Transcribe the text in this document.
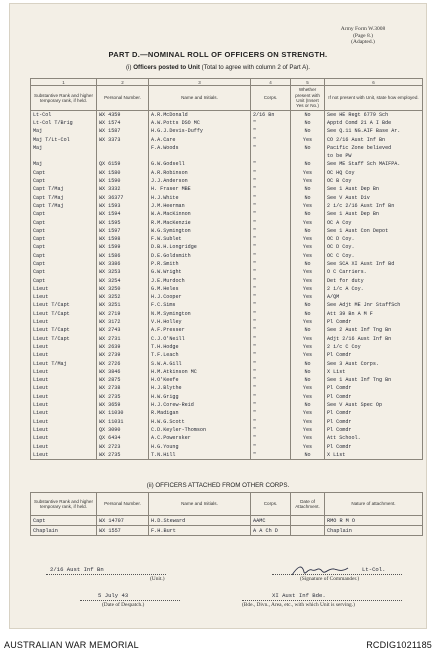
Army Form W.3008
(Page 8.)
(Adapted.)
PART D.—NOMINAL ROLL OF OFFICERS ON STRENGTH.
(i) Officers posted to Unit (Total to agree with column 2 of Part A).
1	2	3	4	5	6
Substantive Rank and higher temporary rank, if held.	Personal Number.	Name and Initials.	Corps.	Whether present with Unit (Insert Yes or No.)	If not present with Unit, state how employed.
Lt-Col	WX 4359	A.R.McDonald	2/16 Bn	No	See HE Regt 6779 Sch
Lt-Col T/Brig	WX 1574	A.W.Potts DSO MC	"	No	Apptd Comd 21 A I Bde
Maj	WX 1587	H.G.J.Devis-Duffy	"	No	See Q.11 NG.AIF Base Ar.
Maj T/Lt-Col	WX 3373	A.A.Care	"	Yes	CO 2/16 Aust Inf Bn
Maj		F.A.Woods	"	No	Pacific Zone believed
					to be PW
Maj	QX 6159	G.W.Godsell	"	No	See ME Staff Sch MAIFPA.
Capt	WX 1580	A.R.Robinson	"	Yes	OC HQ Coy
Capt	WX 1590	J.J.Anderson	"	Yes	OC B Coy
Capt T/Maj	WX 3332	H. Fraser MBE	"	No	See 1 Aust Dep Bn
Capt T/Maj	WX 36377	H.J.White	"	No	See V Aust Div
Capt T/Maj	WX 1593	J.M.Heerman	"	Yes	2 i/c 2/16 Aust Inf Bn
Capt	WX 1594	W.A.MacKinnon	"	No	See 1 Aust Dep Bn
Capt	WX 1595	R.M.MacKenzie	"	Yes	OC A Coy
Capt	WX 1597	W.G.Symington	"	No	See 1 Aust Con Depot
Capt	WX 1598	F.W.Sublet	"	Yes	OC D Coy.
Capt	WX 1599	D.B.H.Longridge	"	Yes	OC D Coy.
Capt	WX 1586	D.E.Goldsmith	"	Yes	OC C Coy.
Capt	WX 3386	P.R.Smith	"	No	See SCA XI Aust Inf Bd
Capt	WX 3253	G.W.Wright	"	Yes	O C Carriers.
Capt	WX 3254	J.E.Murdoch	"	Yes	Det for duty
Lieut	WX 3250	G.M.Heles	"	Yes	2 i/c A Coy.
Lieut	WX 3252	H.J.Cooper	"	Yes	A/QM
Lieut T/Capt	WX 3251	F.C.Sims	"	No	See Adjt ME Jnr StaffSch
Lieut T/Capt	WX 2719	N.M.Symington	"	No	Att 39 Bn A M F
Lieut	WX 3172	V.H.Holley	"	Yes	Pl Comdr
Lieut T/Capt	WX 2743	A.F.Presser	"	No	See 2 Aust Inf Tng Bn
Lieut T/Capt	WX 2731	C.J.O'Neill	"	Yes	Adjt 2/16 Aust Inf Bn
Lieut	WX 2639	T.H.Hodge	"	Yes	2 i/c C Coy
Lieut	WX 2739	T.F.Leach	"	Yes	Pl Comdr
Lieut T/Maj	WX 2726	S.W.A.Gill	"	No	See 3 Aust Corps.
Lieut	WX 3846	H.M.Atkinson MC	"	No	X List
Lieut	WX 2875	H.O'Keefe	"	No	See 1 Aust Inf Tng Bn
Lieut	WX 2738	H.J.Blythe	"	Yes	Pl Comdr
Lieut	WX 2735	H.W.Grigg	"	Yes	Pl Comdr
Lieut	WX 3659	H.J.Corew-Reid	"	No	See V Aust Spec Op
Lieut	WX 11030	R.Madigan	"	Yes	Pl Comdr
Lieut	WX 11031	H.W.G.Scott	"	Yes	Pl Comdr
Lieut	QX 3090	C.D.Keyler-Thomson	"	Yes	Pl Comdr
Lieut	QX 6434	A.C.Powersker	"	Yes	Att School.
Lieut	WX 2723	H.G.Young	"	Yes	Pl Comdr
Lieut	WX 2735	T.N.Hill	"	No	X List
(ii) OFFICERS ATTACHED FROM OTHER CORPS.
Substantive Rank and higher temporary rank, if held.	Personal Number.	Name and Initials.	Corps.	Date of Attachment.	Nature of attachment.
Capt	WX 14707	H.D.Steward	AAMC		RMO R M O
Chaplain	WX 1557	F.H.Burt	A A Ch D		Chaplain
2/16 Aust Inf Bn
(Unit.)
Lt-Col.
(Signature of Commander.)
5 July 43
(Date of Despatch.)
XI Aust Inf Bde.
(Bde., Divn., Area, etc., with which Unit is serving.)
AUSTRALIAN WAR MEMORIAL	RCDIG1021185
